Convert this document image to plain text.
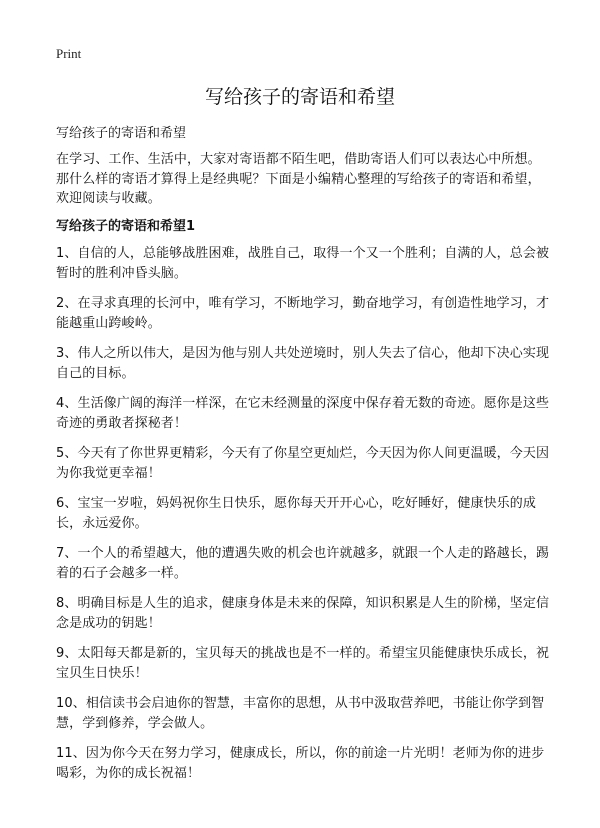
Print
写给孩子的寄语和希望

写给孩子的寄语和希望

在学习、工作、生活中，大家对寄语都不陌生吧，借助寄语人们可以表达心中所想。那什么样的寄语才算得上是经典呢？下面是小编精心整理的写给孩子的寄语和希望，欢迎阅读与收藏。

写给孩子的寄语和希望1
1、自信的人，总能够战胜困难，战胜自己，取得一个又一个胜利；自满的人，总会被暂时的胜利冲昏头脑。
2、在寻求真理的长河中，唯有学习，不断地学习，勤奋地学习，有创造性地学习，才能越重山跨峻岭。
3、伟人之所以伟大，是因为他与别人共处逆境时，别人失去了信心，他却下决心实现自己的目标。
4、生活像广阔的海洋一样深，在它未经测量的深度中保存着无数的奇迹。愿你是这些奇迹的勇敢者探秘者！
5、今天有了你世界更精彩，今天有了你星空更灿烂，今天因为你人间更温暖，今天因为你我觉更幸福！
6、宝宝一岁啦，妈妈祝你生日快乐，愿你每天开开心心，吃好睡好，健康快乐的成长，永远爱你。
7、一个人的希望越大，他的遭遇失败的机会也许就越多，就跟一个人走的路越长，踢着的石子会越多一样。
8、明确目标是人生的追求，健康身体是未来的保障，知识积累是人生的阶梯，坚定信念是成功的钥匙！
9、太阳每天都是新的，宝贝每天的挑战也是不一样的。希望宝贝能健康快乐成长，祝宝贝生日快乐！
10、相信读书会启迪你的智慧，丰富你的思想，从书中汲取营养吧，书能让你学到智慧，学到修养，学会做人。
11、因为你今天在努力学习，健康成长，所以，你的前途一片光明！老师为你的进步喝彩，为你的成长祝福！
